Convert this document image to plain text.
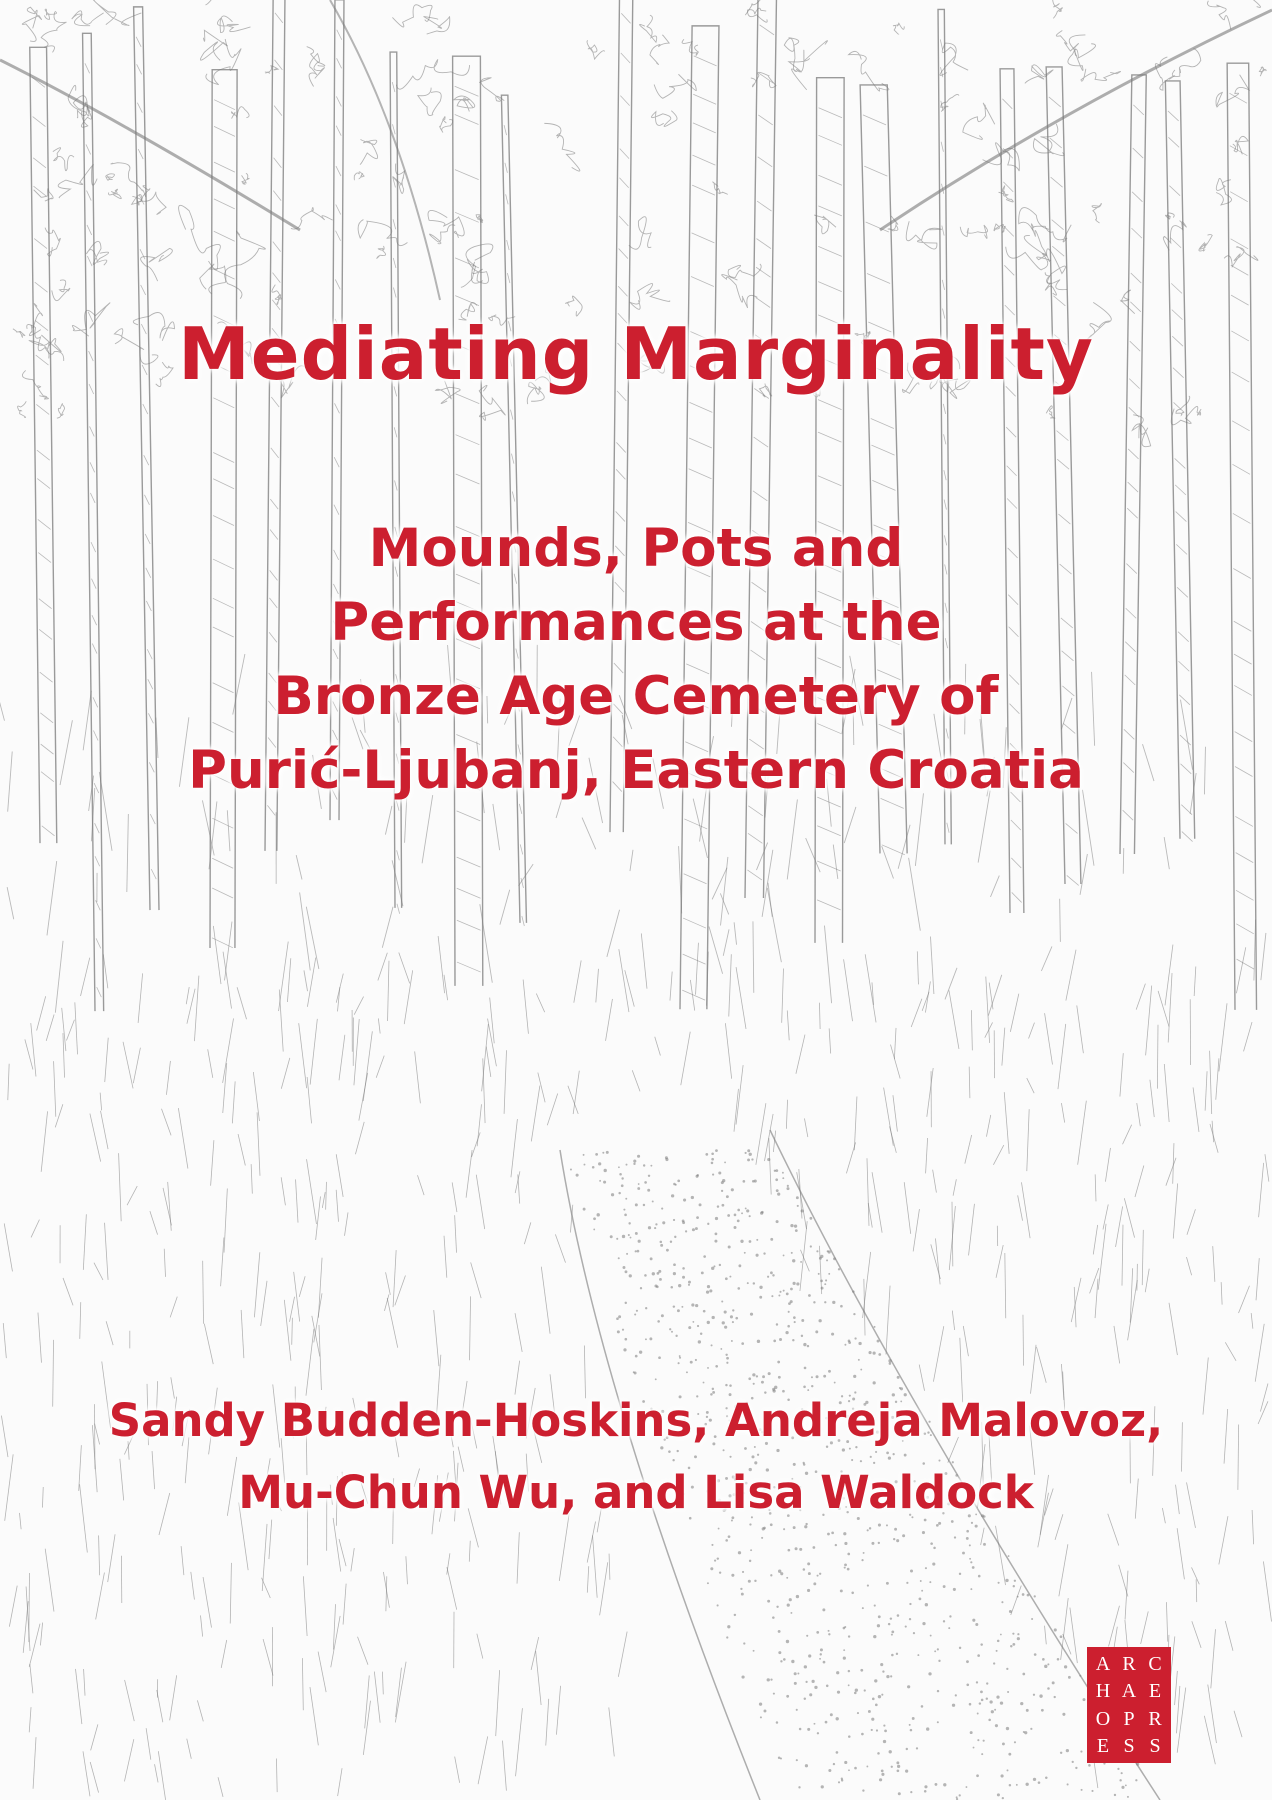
Mediating Marginality
Mounds, Pots and
Performances at the
Bronze Age Cemetery of
Purić-Ljubanj, Eastern Croatia
Sandy Budden-Hoskins, Andreja Malovoz,
Mu-Chun Wu, and Lisa Waldock
A R C
H A E
O P R
E S S
